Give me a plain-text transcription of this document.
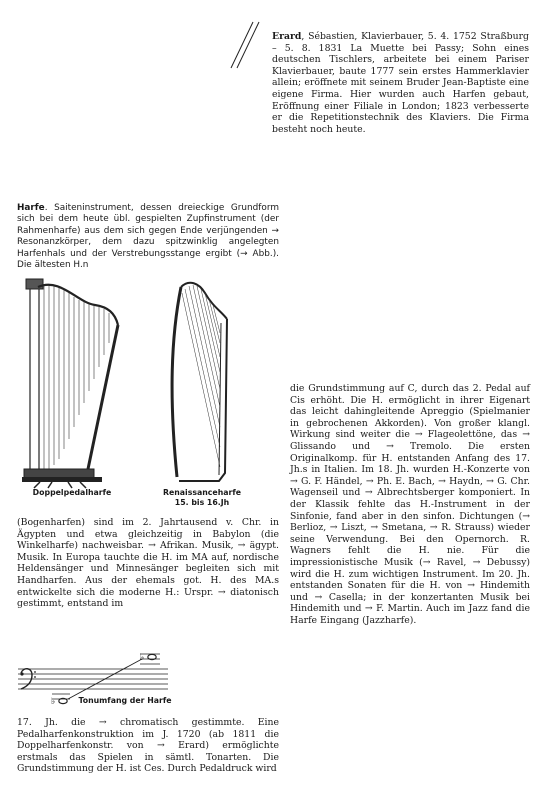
Erard, Sébastien, Klavierbauer, 5. 4. 1752 Straßburg – 5. 8. 1831 La Muette bei Passy; Sohn eines deutschen Tischlers, arbeitete bei einem Pariser Klavierbauer, baute 1777 sein erstes Hammerklavier allein; eröffnete mit seinem Bruder Jean-Baptiste eine eigene Firma. Hier wurden auch Harfen gebaut, Eröffnung einer Filiale in London; 1823 verbesserte er die Repetitionstechnik des Klaviers. Die Firma besteht noch heute.

Harfe. Saiteninstrument, dessen dreieckige Grundform sich bei dem heute übl. gespielten Zupfinstrument (der Rahmenharfe) aus dem sich gegen Ende verjüngenden → Resonanzkörper, dem dazu spitzwinklig angelegten Harfenhals und der Verstrebungsstange ergibt (→ Abb.). Die ältesten H.n

Doppelpedalharfe	Renaissanceharfe
15. bis 16.Jh

(Bogenharfen) sind im 2. Jahrtausend v. Chr. in Ägypten und etwa gleichzeitig in Babylon (die Winkelharfe) nachweisbar. → Afrikan. Musik, → ägypt. Musik. In Europa tauchte die H. im MA auf, nordische Heldensänger und Minnesänger begleiten sich mit Handharfen. Aus der ehemals got. H. des MA.s entwickelte sich die moderne H.: Urspr. → diatonisch gestimmt, entstand im

♭
♭
Tonumfang der Harfe

17. Jh. die → chromatisch gestimmte. Eine Pedalharfenkonstruktion im J. 1720 (ab 1811 die Doppelharfenkonstr. von → Erard) ermöglichte erstmals das Spielen in sämtl. Tonarten. Die Grundstimmung der H. ist Ces. Durch Pedaldruck wird

die Grundstimmung auf C, durch das 2. Pedal auf Cis erhöht. Die H. ermöglicht in ihrer Eigenart das leicht dahingleitende Apreggio (Spielmanier in gebrochenen Akkorden). Von großer klangl. Wirkung sind weiter die → Flageolettöne, das → Glissando und → Tremolo. Die ersten Originalkomp. für H. entstanden Anfang des 17. Jh.s in Italien. Im 18. Jh. wurden H.-Konzerte von → G. F. Händel, → Ph. E. Bach, → Haydn, → G. Chr. Wagenseil und → Albrechtsberger komponiert. In der Klassik fehlte das H.-Instrument in der Sinfonie, fand aber in den sinfon. Dichtungen (→ Berlioz, → Liszt, → Smetana, → R. Strauss) wieder seine Verwendung. Bei den Opernorch. R. Wagners fehlt die H. nie. Für die impressionistische Musik (→ Ravel, → Debussy) wird die H. zum wichtigen Instrument. Im 20. Jh. entstanden Sonaten für die H. von → Hindemith und → Casella; in der konzertanten Musik bei Hindemith und → F. Martin. Auch im Jazz fand die Harfe Eingang (Jazzharfe).
